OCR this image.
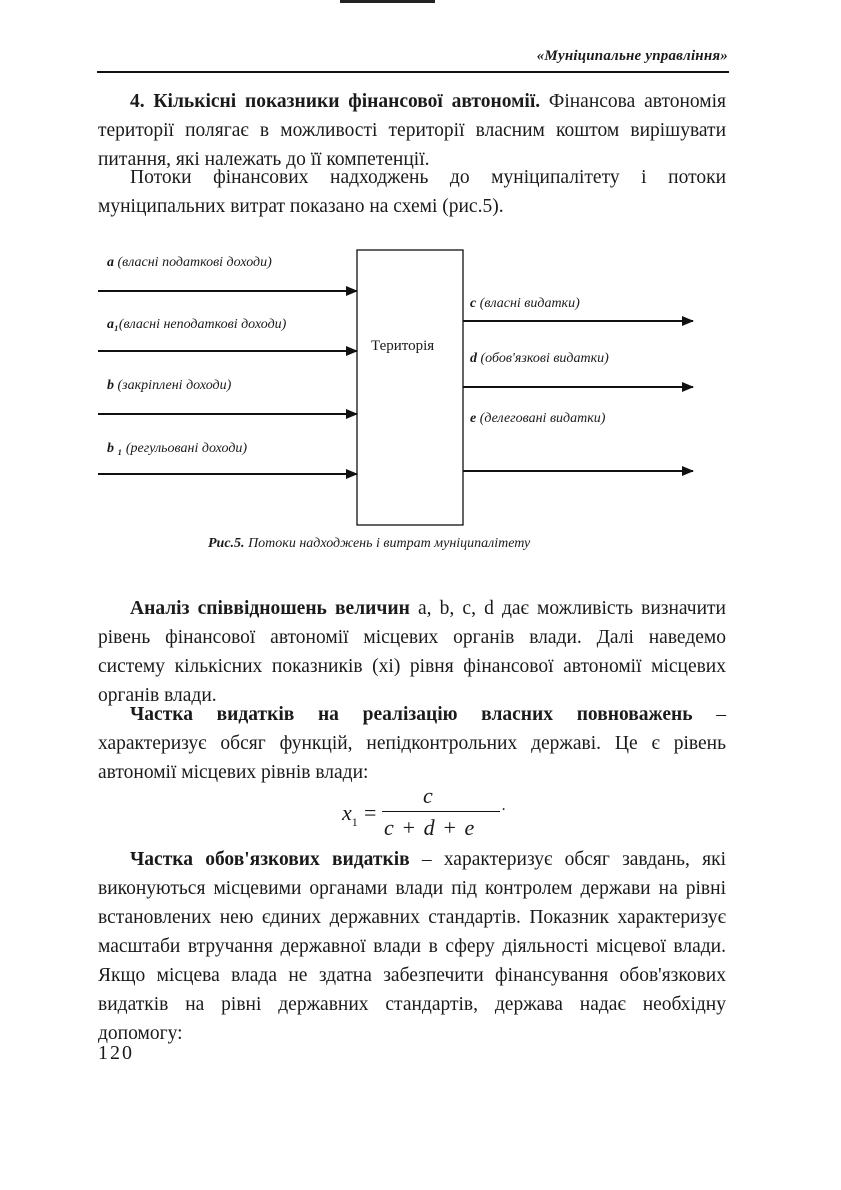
«Муніципальне управління»

4. Кількісні показники фінансової автономії. Фінансова автономія території полягає в можливості території власним коштом вирішувати питання, які належать до її компетенції.

Потоки фінансових надходжень до муніципалітету і потоки муніципальних витрат показано на схемі (рис.5).

a (власні податкові доходи)
a₁(власні неподаткові доходи)
b (закріплені доходи)
b ₁ (регульовані доходи)
Територія
c (власні видатки)
d (обов'язкові видатки)
e (делеговані видатки)
Рис.5. Потоки надходжень і витрат муніципалітету

Аналіз співвідношень величин a, b, c, d дає можливість визначити рівень фінансової автономії місцевих органів влади. Далі наведемо систему кількісних показників (xi) рівня фінансової автономії місцевих органів влади.

Частка видатків на реалізацію власних повноважень – характеризує обсяг функцій, непідконтрольних державі. Це є рівень автономії місцевих рівнів влади:

$x_1$ =
c
c + d + e
.

Частка обов'язкових видатків – характеризує обсяг завдань, які виконуються місцевими органами влади під контролем держави на рівні встановлених нею єдиних державних стандартів. Показник характеризує масштаби втручання державної влади в сферу діяльності місцевої влади. Якщо місцева влада не здатна забезпечити фінансування обов'язкових видатків на рівні державних стандартів, держава надає необхідну допомогу:

120
